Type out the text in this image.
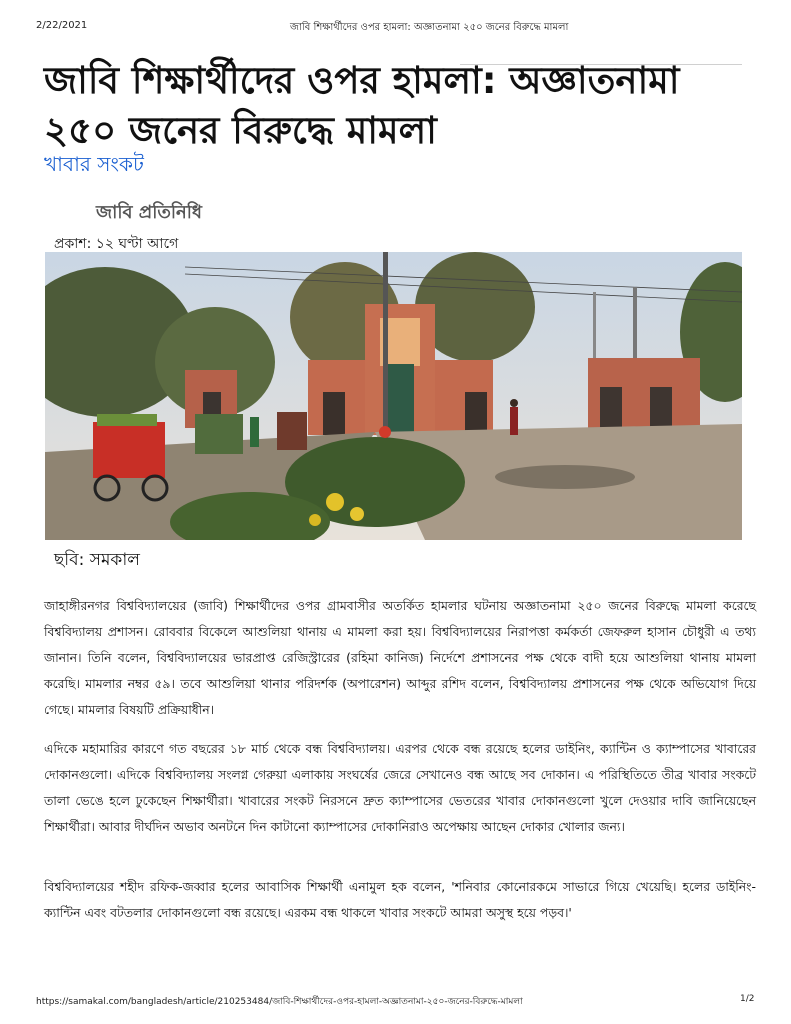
2/22/2021	জাবি শিক্ষার্থীদের ওপর হামলা: অজ্ঞাতনামা ২৫০ জনের বিরুদ্ধে মামলা
জাবি শিক্ষার্থীদের ওপর হামলা: অজ্ঞাতনামা ২৫০ জনের বিরুদ্ধে মামলা
খাবার সংকট
জাবি প্রতিনিধি
প্রকাশ: ১২ ঘণ্টা আগে
ছবি: সমকাল

জাহাঙ্গীরনগর বিশ্ববিদ্যালয়ের (জাবি) শিক্ষার্থীদের ওপর গ্রামবাসীর অতর্কিত হামলার ঘটনায় অজ্ঞাতনামা ২৫০ জনের বিরুদ্ধে মামলা করেছে বিশ্ববিদ্যালয় প্রশাসন। রোববার বিকেলে আশুলিয়া থানায় এ মামলা করা হয়। বিশ্ববিদ্যালয়ের নিরাপত্তা কর্মকর্তা জেফরুল হাসান চৌধুরী এ তথ্য জানান। তিনি বলেন, বিশ্ববিদ্যালয়ের ভারপ্রাপ্ত রেজিস্ট্রারের (রহিমা কানিজ) নির্দেশে প্রশাসনের পক্ষ থেকে বাদী হয়ে আশুলিয়া থানায় মামলা করেছি। মামলার নম্বর ৫৯। তবে আশুলিয়া থানার পরিদর্শক (অপারেশন) আব্দুর রশিদ বলেন, বিশ্ববিদ্যালয় প্রশাসনের পক্ষ থেকে অভিযোগ দিয়ে গেছে। মামলার বিষয়টি প্রক্রিয়াধীন।

এদিকে মহামারির কারণে গত বছরের ১৮ মার্চ থেকে বন্ধ বিশ্ববিদ্যালয়। এরপর থেকে বন্ধ রয়েছে হলের ডাইনিং, ক্যান্টিন ও ক্যাম্পাসের খাবারের দোকানগুলো। এদিকে বিশ্ববিদ্যালয় সংলগ্ন গেরুয়া এলাকায় সংঘর্ষের জেরে সেখানেও বন্ধ আছে সব দোকান। এ পরিস্থিতিতে তীব্র খাবার সংকটে তালা ভেঙে হলে ঢুকেছেন শিক্ষার্থীরা। খাবারের সংকট নিরসনে দ্রুত ক্যাম্পাসের ভেতরের খাবার দোকানগুলো খুলে দেওয়ার দাবি জানিয়েছেন শিক্ষার্থীরা। আবার দীর্ঘদিন অভাব অনটনে দিন কাটানো ক্যাম্পাসের দোকানিরাও অপেক্ষায় আছেন দোকার খোলার জন্য।

বিশ্ববিদ্যালয়ের শহীদ রফিক-জব্বার হলের আবাসিক শিক্ষার্থী এনামুল হক বলেন, 'শনিবার কোনোরকমে সাভারে গিয়ে খেয়েছি। হলের ডাইনিং-ক্যান্টিন এবং বটতলার দোকানগুলো বন্ধ রয়েছে। এরকম বন্ধ থাকলে খাবার সংকটে আমরা অসুস্থ হয়ে পড়ব।'

https://samakal.com/bangladesh/article/210253484/জাবি-শিক্ষার্থীদের-ওপর-হামলা-অজ্ঞাতনামা-২৫০-জনের-বিরুদ্ধে-মামলা	1/2
